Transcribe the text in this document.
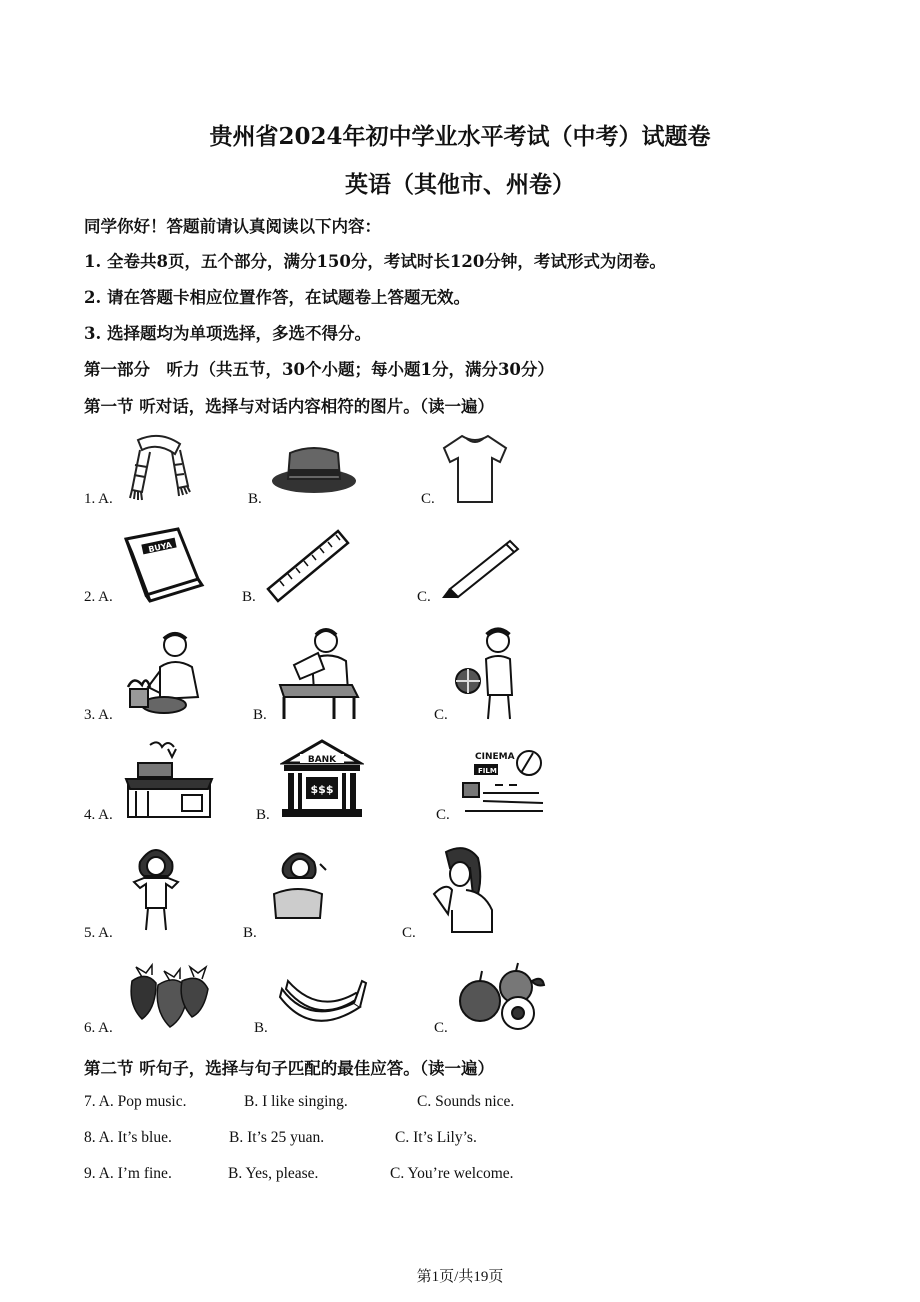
贵州省2024年初中学业水平考试（中考）试题卷
英语（其他市、州卷）
同学你好！答题前请认真阅读以下内容：
1. 全卷共8页，五个部分，满分150分，考试时长120分钟，考试形式为闭卷。
2. 请在答题卡相应位置作答，在试题卷上答题无效。
3. 选择题均为单项选择，多选不得分。
第一部分　听力（共五节，30个小题；每小题1分，满分30分）
第一节 听对话，选择与对话内容相符的图片。（读一遍）
1. A.	B.	C.
2. A.
BUYA
B.	C.
3. A.	B.	C.
4. A.	B.
BANK
$$$
C.
CINEMA
FILM
5. A.	B.	C.
6. A.	B.	C.
第二节 听句子，选择与句子匹配的最佳应答。（读一遍）
7. A. Pop music.	B. I like singing.	C. Sounds nice.
8. A. It’s blue.	B. It’s 25 yuan.	C. It’s Lily’s.
9. A. I’m fine.	B. Yes, please.	C. You’re welcome.
第1页/共19页
